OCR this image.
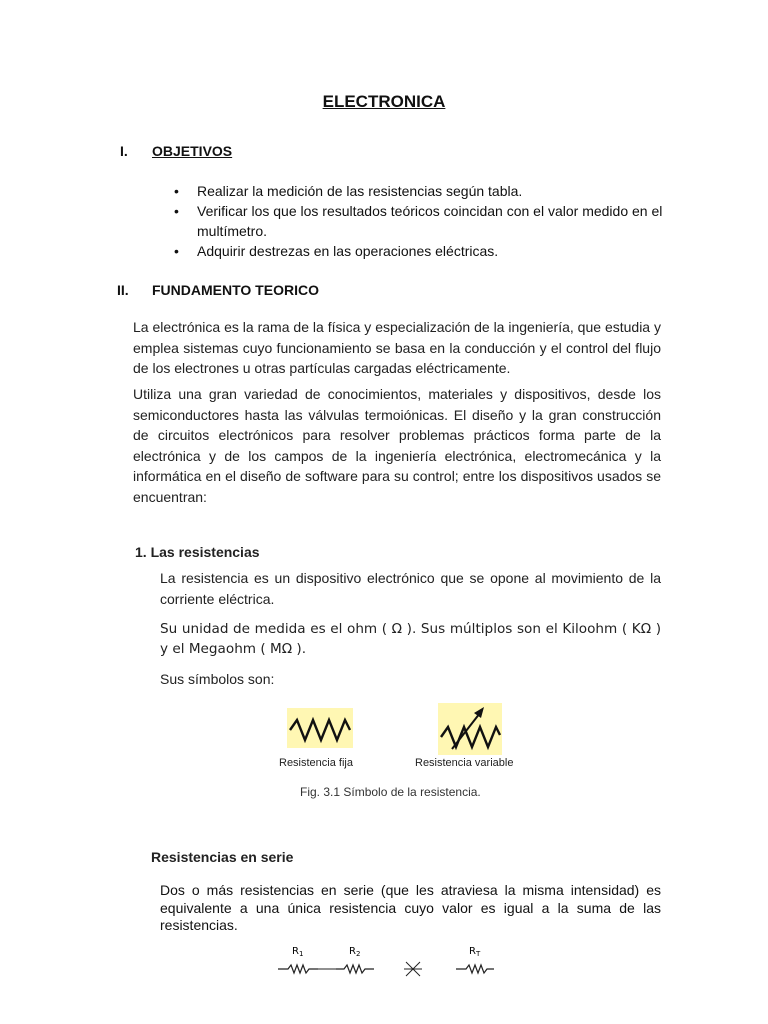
ELECTRONICA
I. OBJETIVOS
• Realizar la medición de las resistencias según tabla.
• Verificar los que los resultados teóricos coincidan con el valor medido en el multímetro.
• Adquirir destrezas en las operaciones eléctricas.
II. FUNDAMENTO TEORICO
La electrónica es la rama de la física y especialización de la ingeniería, que estudia y emplea sistemas cuyo funcionamiento se basa en la conducción y el control del flujo de los electrones u otras partículas cargadas eléctricamente.
Utiliza una gran variedad de conocimientos, materiales y dispositivos, desde los semiconductores hasta las válvulas termoiónicas. El diseño y la gran construcción de circuitos electrónicos para resolver problemas prácticos forma parte de la electrónica y de los campos de la ingeniería electrónica, electromecánica y la informática en el diseño de software para su control; entre los dispositivos usados se encuentran:
1. Las resistencias
La resistencia es un dispositivo electrónico que se opone al movimiento de la corriente eléctrica.
Su unidad de medida es el ohm ( Ω ). Sus múltiplos son el Kiloohm ( KΩ ) y el Megaohm ( MΩ ).
Sus símbolos son:
Resistencia fija	Resistencia variable
Fig. 3.1 Símbolo de la resistencia.
Resistencias en serie
Dos o más resistencias en serie (que les atraviesa la misma intensidad) es equivalente a una única resistencia cuyo valor es igual a la suma de las resistencias.
$R_1$	$R_2$	$R_T$
